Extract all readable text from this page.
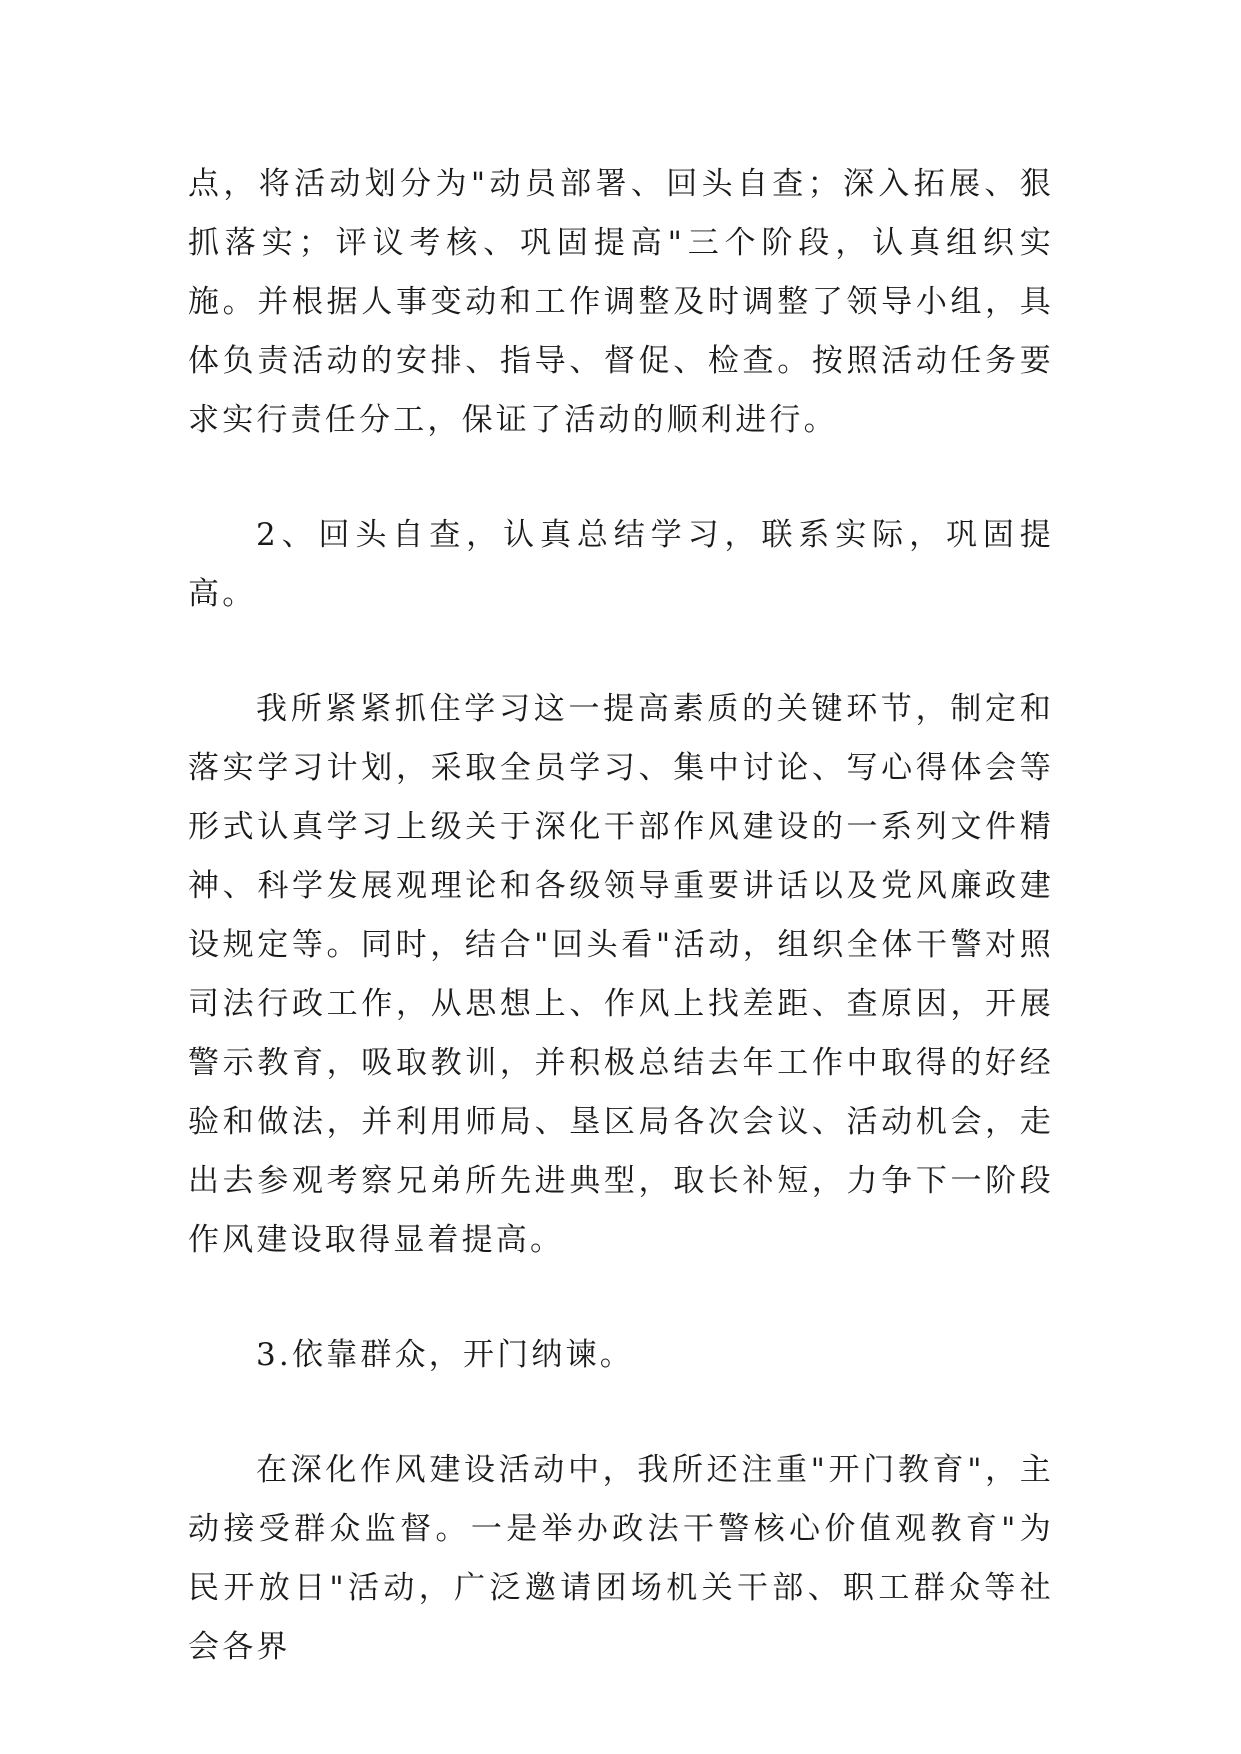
点，将活动划分为"动员部署、回头自查；深入拓展、狠抓落实；评议考核、巩固提高"三个阶段，认真组织实施。并根据人事变动和工作调整及时调整了领导小组，具体负责活动的安排、指导、督促、检查。按照活动任务要求实行责任分工，保证了活动的顺利进行。

2、回头自查，认真总结学习，联系实际，巩固提高。

我所紧紧抓住学习这一提高素质的关键环节，制定和落实学习计划，采取全员学习、集中讨论、写心得体会等形式认真学习上级关于深化干部作风建设的一系列文件精神、科学发展观理论和各级领导重要讲话以及党风廉政建设规定等。同时，结合"回头看"活动，组织全体干警对照司法行政工作，从思想上、作风上找差距、查原因，开展警示教育，吸取教训，并积极总结去年工作中取得的好经验和做法，并利用师局、垦区局各次会议、活动机会，走出去参观考察兄弟所先进典型，取长补短，力争下一阶段作风建设取得显着提高。

3.依靠群众，开门纳谏。

在深化作风建设活动中，我所还注重"开门教育"，主动接受群众监督。一是举办政法干警核心价值观教育"为民开放日"活动，广泛邀请团场机关干部、职工群众等社会各界
